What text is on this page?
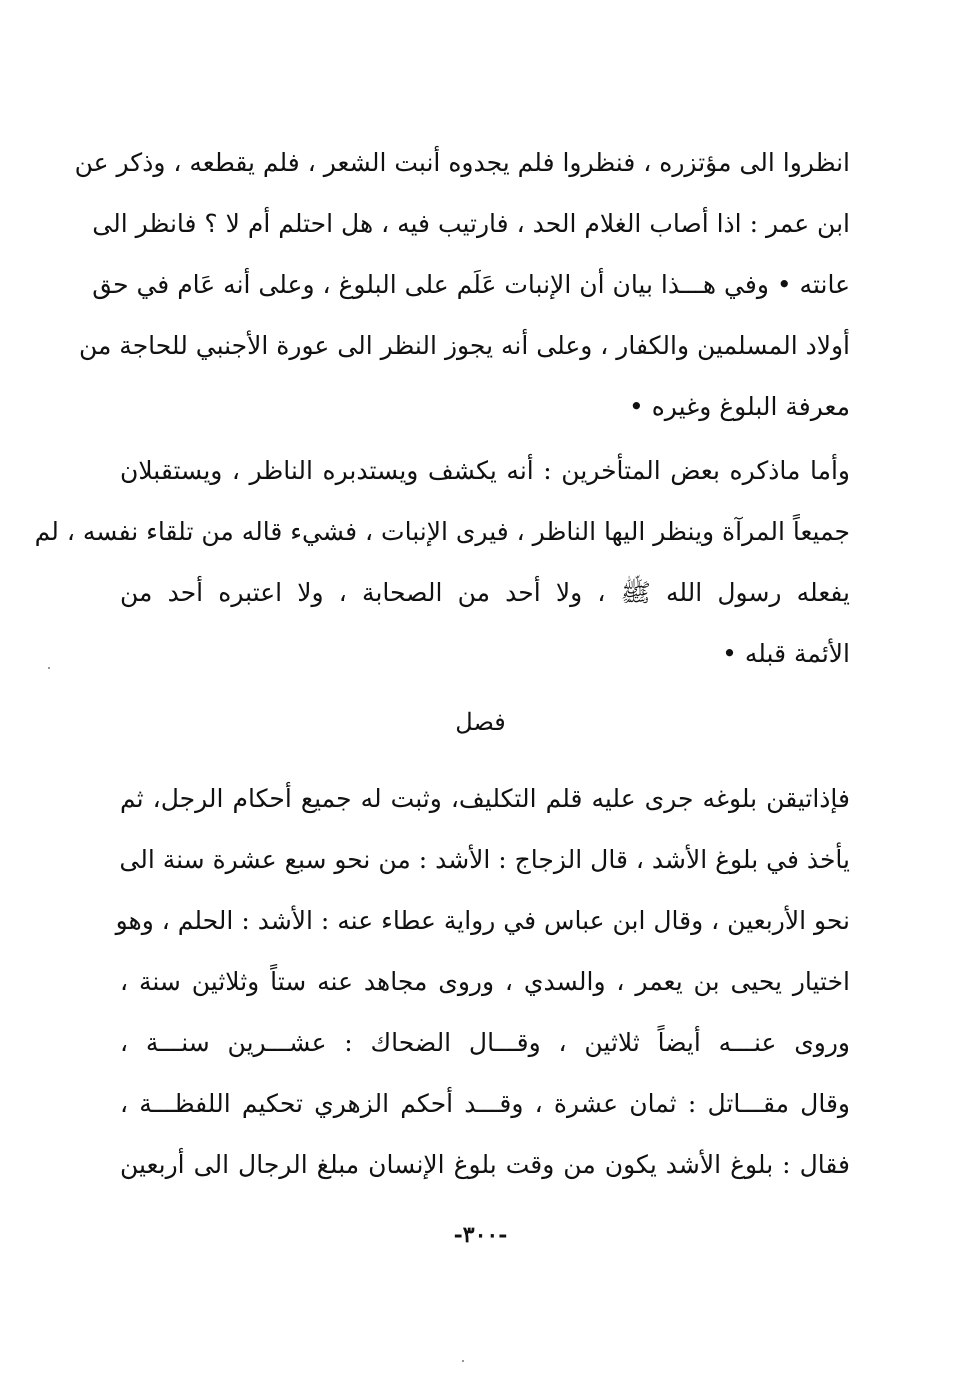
انظروا الى مؤتزره ، فنظروا فلم يجدوه أنبت الشعر ، فلم يقطعه ، وذكر عن
ابن عمر : اذا أصاب الغلام الحد ، فارتيب فيه ، هل احتلم أم لا ؟ فانظر الى
عانته • وفي هـــذا بيان أن الإنبات عَلَم على البلوغ ، وعلى أنه عَام في حق
أولاد المسلمين والكفار ، وعلى أنه يجوز النظر الى عورة الأجنبي للحاجة من
معرفة البلوغ وغيره •
وأما ماذكره بعض المتأخرين : أنه يكشف ويستدبره الناظر ، ويستقبلان
جميعاً المرآة وينظر اليها الناظر ، فيرى الإنبات ، فشيء قاله من تلقاء نفسه ، لم
يفعله رسول الله ﷺ ، ولا أحد من الصحابة ، ولا اعتبره أحد من
الأئمة قبله •
فصل
فإذاتيقن بلوغه جرى عليه قلم التكليف، وثبت له جميع أحكام الرجل، ثم
يأخذ في بلوغ الأشد ، قال الزجاج : الأشد : من نحو سبع عشرة سنة الى
نحو الأربعين ، وقال ابن عباس في رواية عطاء عنه : الأشد : الحلم ، وهو
اختيار يحيى بن يعمر ، والسدي ، وروى مجاهد عنه ستاً وثلاثين سنة ،
وروى عنـــه أيضاً ثلاثين ، وقـــال الضحاك : عشـــرين سنـــة ،
وقال مقـــاتل : ثمان عشرة ، وقـــد أحكم الزهري تحكيم اللفظـــة ،
فقال : بلوغ الأشد يكون من وقت بلوغ الإنسان مبلغ الرجال الى أربعين
-٣٠٠-
